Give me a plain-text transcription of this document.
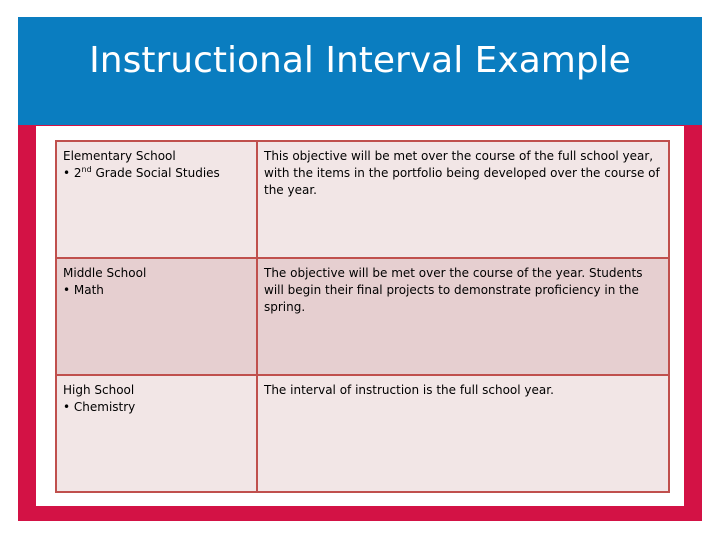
Instructional Interval Example
Elementary School
• 2nd Grade Social Studies	This objective will be met over the course of the full school year, with the items in the portfolio being developed over the course of the year.

Middle School
• Math	The objective will be met over the course of the year. Students will begin their final projects to demonstrate proficiency in the spring.

High School
• Chemistry	The interval of instruction is the full school year.
